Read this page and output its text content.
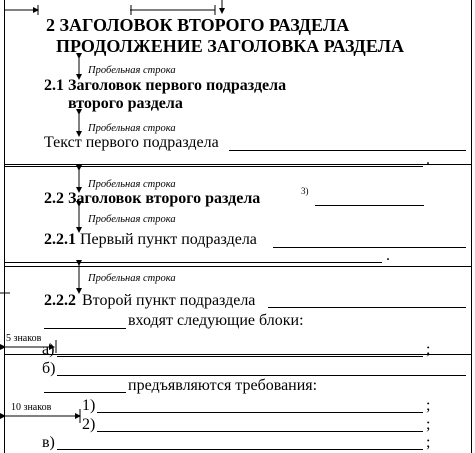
2 ЗАГОЛОВОК ВТОРОГО РАЗДЕЛА
ПРОДОЛЖЕНИЕ ЗАГОЛОВКА РАЗДЕЛА
Пробельная строка
2.1 Заголовок первого подраздела
второго раздела
Пробельная строка
Текст первого подраздела
.
Пробельная строка
2.2 Заголовок второго раздела	3)
Пробельная строка
2.2.1 Первый пункт подраздела
.
Пробельная строка
2.2.2 Второй пункт подраздела
входят следующие блоки:
5 знаков
а)	;
б)
предъявляются требования:
10 знаков 1)	;
2)	;
в)	;
